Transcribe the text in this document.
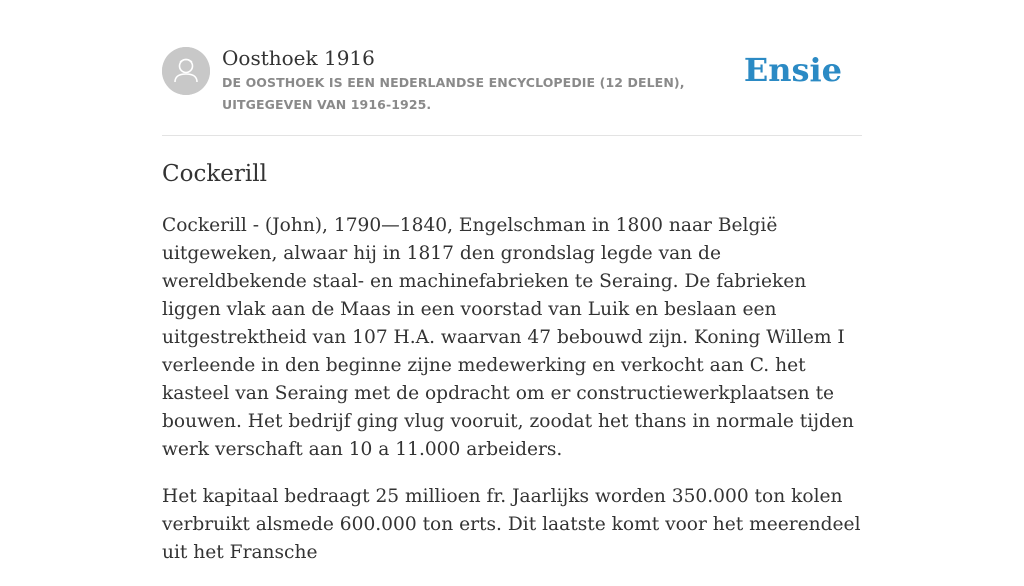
Oosthoek 1916
DE OOSTHOEK IS EEN NEDERLANDSE ENCYCLOPEDIE (12 DELEN), UITGEGEVEN VAN 1916-1925.
Ensie
Cockerill

Cockerill - (John), 1790—1840, Engelschman in 1800 naar België uitgeweken, alwaar hij in 1817 den grondslag legde van de wereldbekende staal- en machinefabrieken te Seraing. De fabrieken liggen vlak aan de Maas in een voorstad van Luik en beslaan een uitgestrektheid van 107 H.A. waarvan 47 bebouwd zijn. Koning Willem I verleende in den beginne zijne medewerking en verkocht aan C. het kasteel van Seraing met de opdracht om er constructiewerkplaatsen te bouwen. Het bedrijf ging vlug vooruit, zoodat het thans in normale tijden werk verschaft aan 10 a 11.000 arbeiders.

Het kapitaal bedraagt 25 millioen fr. Jaarlijks worden 350.000 ton kolen verbruikt alsmede 600.000 ton erts. Dit laatste komt voor het meerendeel uit het Fransche
